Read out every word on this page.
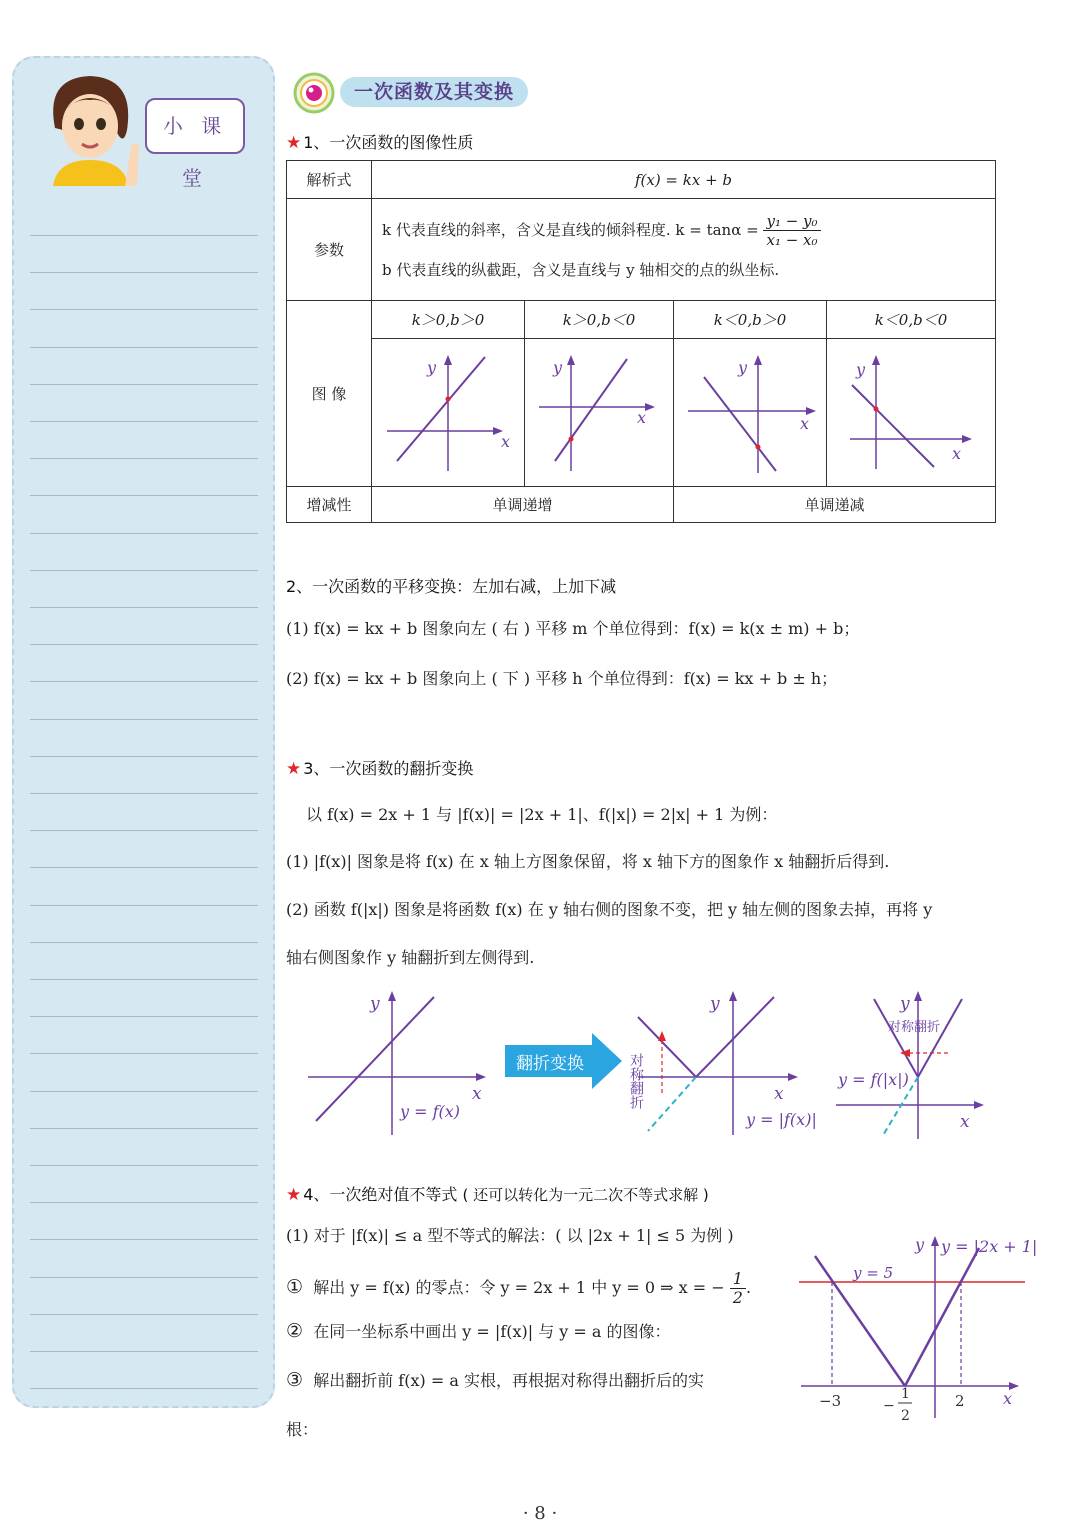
小 课 堂
一次函数及其变换
★ 1、一次函数的图像性质
解析式	f(x) = kx + b			
参数	k 代表直线的斜率，含义是直线的倾斜程度. $k = \tan\alpha = \frac{\text{y₁ − y₀}}{\text{x₁ − x₀}}$
b 代表直线的纵截距，含义是直线与 y 轴相交的点的纵坐标.			

图 像	k＞0,b＞0	k＞0,b＜0	k＜0,b＞0	k＜0,b＜0

y
x	y
x	y
x	y
x

增减性	单调递增		单调递减	
2、一次函数的平移变换：左加右减，上加下减
(1) f(x) = kx + b 图象向左 ( 右 ) 平移 m 个单位得到：f(x) = k(x ± m) + b；
(2) f(x) = kx + b 图象向上 ( 下 ) 平移 h 个单位得到：f(x) = kx + b ± h；
★ 3、一次函数的翻折变换
以 f(x) = 2x + 1 与 |f(x)| = |2x + 1|、f(|x|) = 2|x| + 1 为例：
(1) |f(x)| 图象是将 f(x) 在 x 轴上方图象保留，将 x 轴下方的图象作 x 轴翻折后得到.
(2) 函数 f(|x|) 图象是将函数 f(x) 在 y 轴右侧的图象不变，把 y 轴左侧的图象去掉，再将 y
轴右侧图象作 y 轴翻折到左侧得到.
y
x
y = f(x)
翻折变换	对称翻折
y
x
y = |f(x)|
对称翻折
y
x
y = f(|x|)
★ 4、一次绝对值不等式 ( 还可以转化为一元二次不等式求解 )
(1) 对于 |f(x)| ≤ a 型不等式的解法：( 以 |2x + 1| ≤ 5 为例 )
① 解出 y = f(x) 的零点：令 y = 2x + 1 中 y = 0 ⇒ x = − $\frac{1}{2}$ .
② 在同一坐标系中画出 y = |f(x)| 与 y = a 的图像：
③ 解出翻折前 f(x) = a 实根，再根据对称得出翻折后的实
根：
y y = |2x + 1|
y = 5
x
−3	1
−
2
2
· 8 ·
